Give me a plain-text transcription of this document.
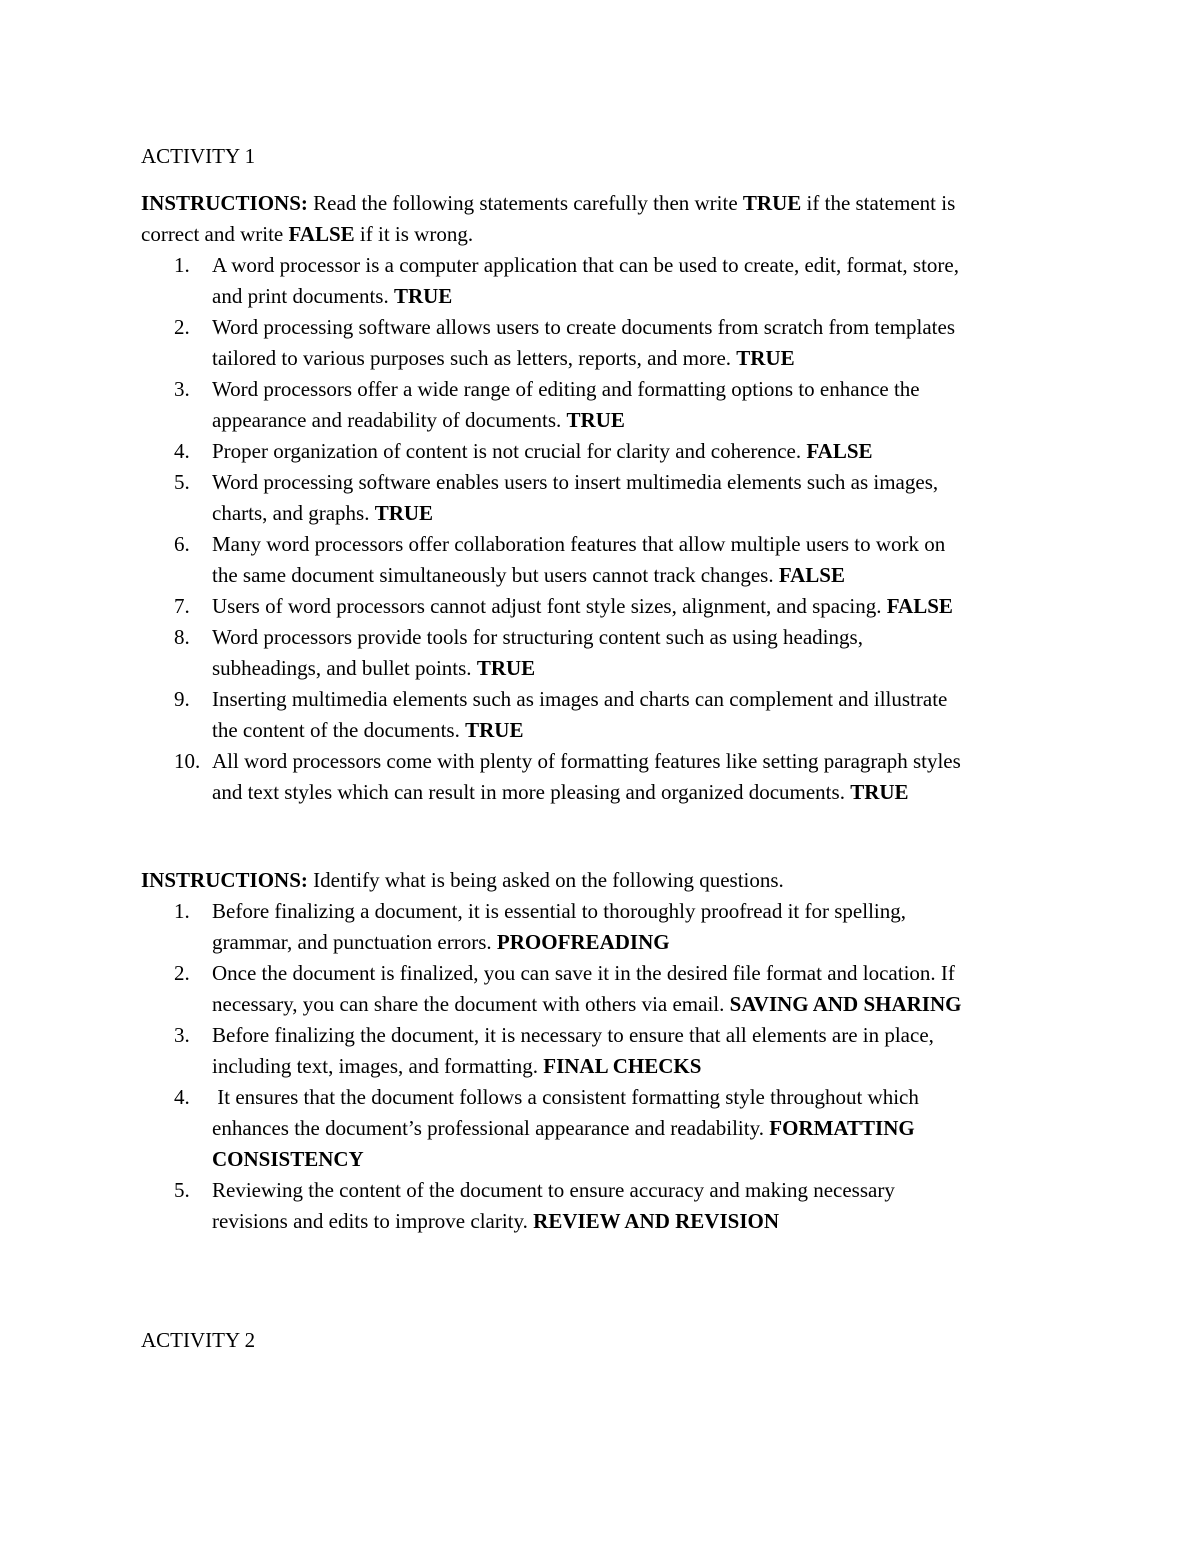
ACTIVITY 1

INSTRUCTIONS: Read the following statements carefully then write TRUE if the statement is
correct and write FALSE if it is wrong.

1. A word processor is a computer application that can be used to create, edit, format, store,
and print documents. TRUE
2. Word processing software allows users to create documents from scratch from templates
tailored to various purposes such as letters, reports, and more. TRUE
3. Word processors offer a wide range of editing and formatting options to enhance the
appearance and readability of documents. TRUE
4. Proper organization of content is not crucial for clarity and coherence. FALSE
5. Word processing software enables users to insert multimedia elements such as images,
charts, and graphs. TRUE
6. Many word processors offer collaboration features that allow multiple users to work on
the same document simultaneously but users cannot track changes. FALSE
7. Users of word processors cannot adjust font style sizes, alignment, and spacing. FALSE
8. Word processors provide tools for structuring content such as using headings,
subheadings, and bullet points. TRUE
9. Inserting multimedia elements such as images and charts can complement and illustrate
the content of the documents. TRUE
10. All word processors come with plenty of formatting features like setting paragraph styles
and text styles which can result in more pleasing and organized documents. TRUE

INSTRUCTIONS: Identify what is being asked on the following questions.

1. Before finalizing a document, it is essential to thoroughly proofread it for spelling,
grammar, and punctuation errors. PROOFREADING
2. Once the document is finalized, you can save it in the desired file format and location. If
necessary, you can share the document with others via email. SAVING AND SHARING
3. Before finalizing the document, it is necessary to ensure that all elements are in place,
including text, images, and formatting. FINAL CHECKS
4. It ensures that the document follows a consistent formatting style throughout which
enhances the document’s professional appearance and readability. FORMATTING
CONSISTENCY
5. Reviewing the content of the document to ensure accuracy and making necessary
revisions and edits to improve clarity. REVIEW AND REVISION
ACTIVITY 2
